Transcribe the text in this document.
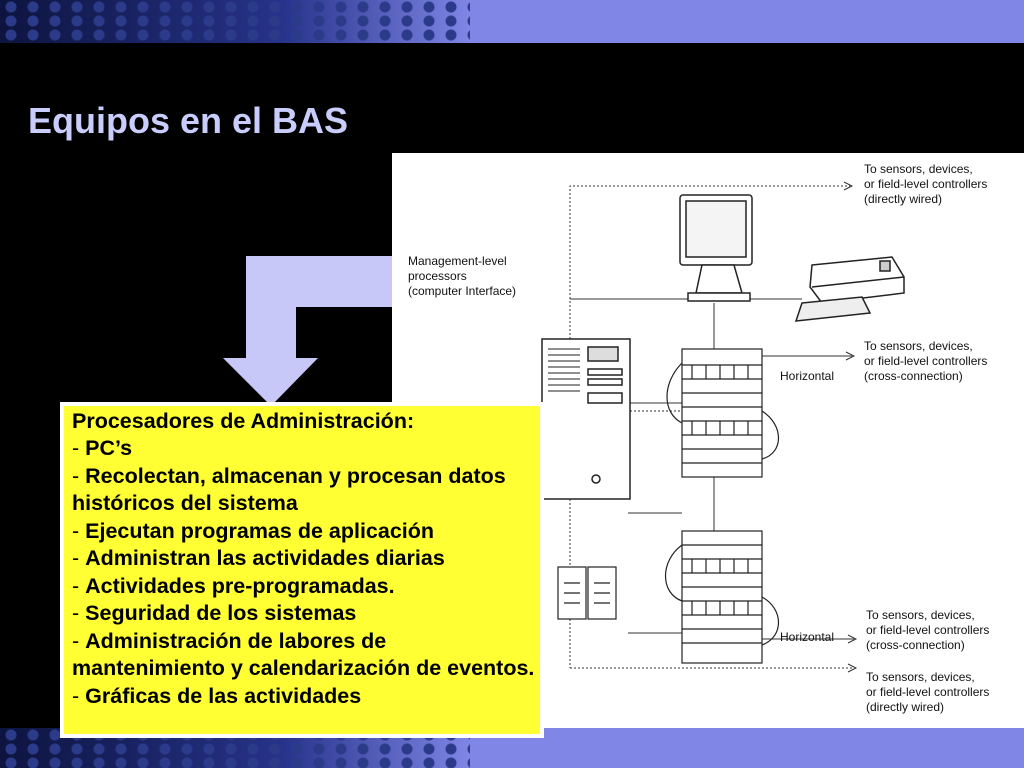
Equipos en el BAS
To sensors, devices,
or field-level controllers
(directly wired)
Management-level
processors
(computer Interface)
To sensors, devices,
or field-level controllers
(cross-connection)
Horizontal
Horizontal
To sensors, devices,
or field-level controllers
(cross-connection)
To sensors, devices,
or field-level controllers
(directly wired)
Procesadores de Administración:
- PC’s
- Recolectan, almacenan y procesan datos históricos del sistema
- Ejecutan programas de aplicación
- Administran las actividades diarias
- Actividades pre-programadas.
- Seguridad de los sistemas
- Administración de labores de mantenimiento y calendarización de eventos.
- Gráficas de las actividades
